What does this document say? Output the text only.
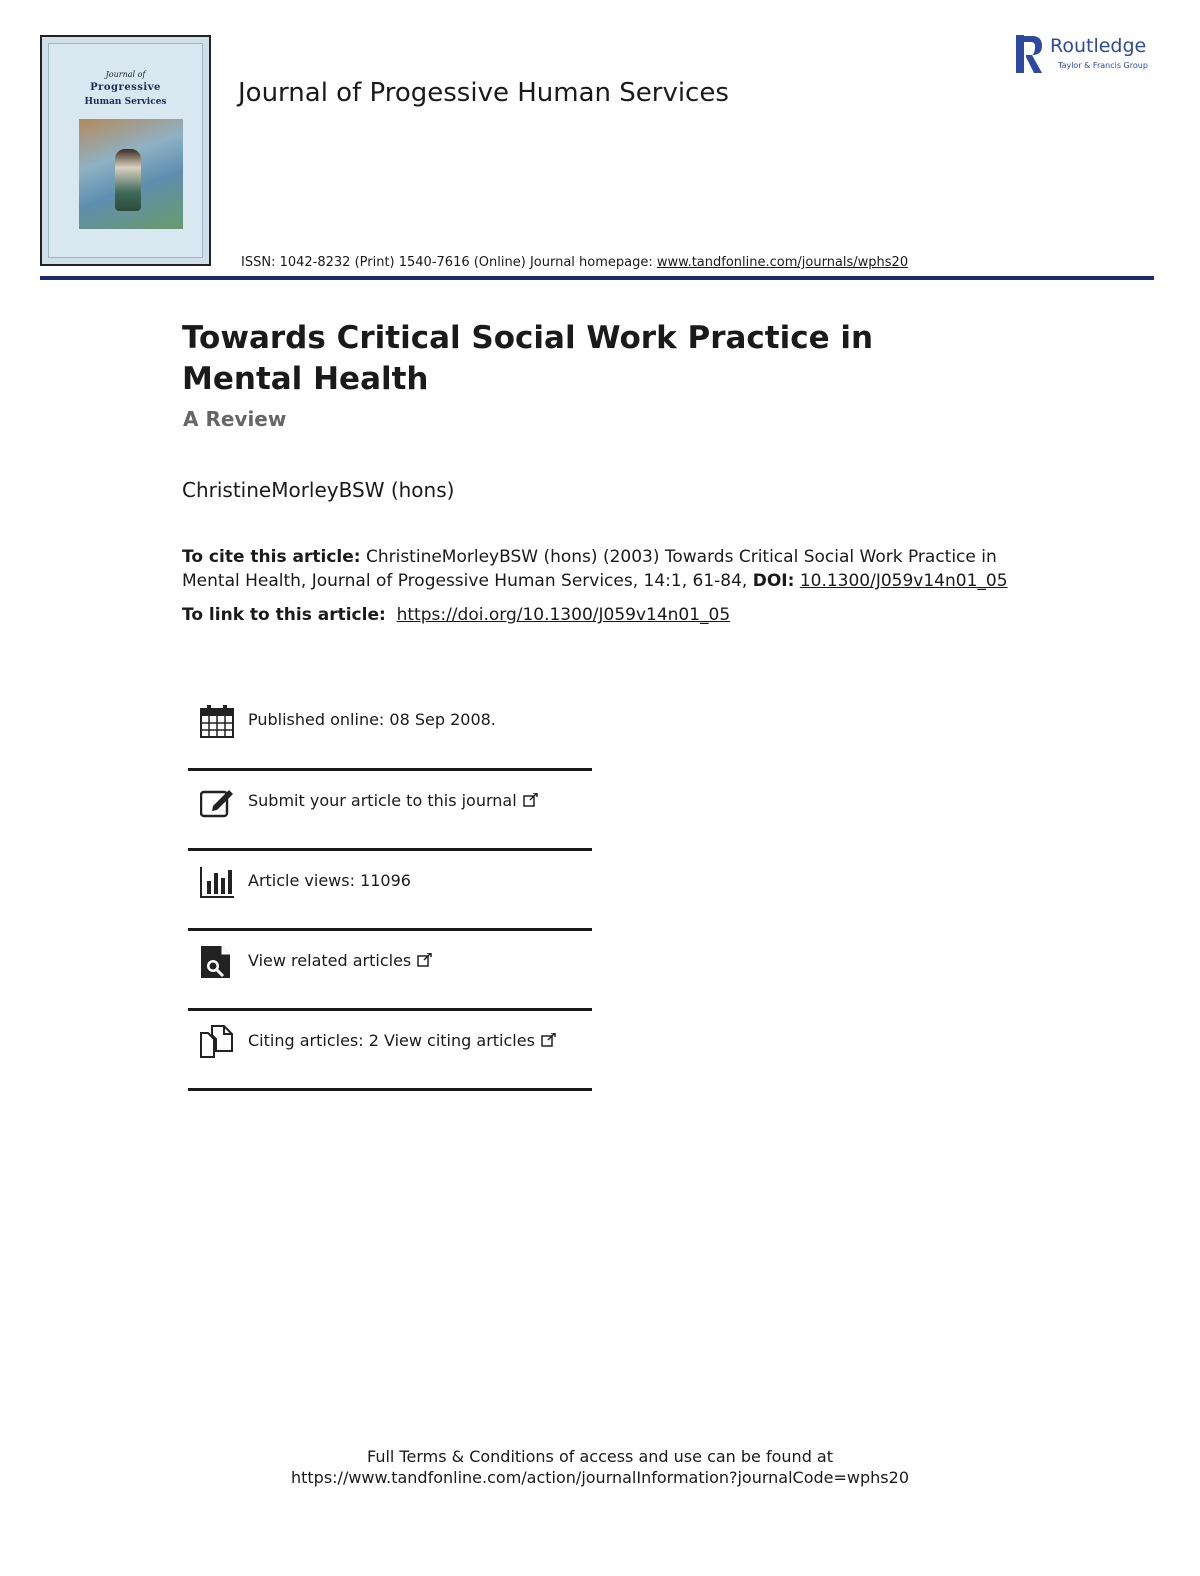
Journal of
Progressive
Human Services	Journal of Progessive Human Services
Routledge
Taylor & Francis Group
ISSN: 1042-8232 (Print) 1540-7616 (Online) Journal homepage: www.tandfonline.com/journals/wphs20
Towards Critical Social Work Practice in Mental Health
A Review
ChristineMorleyBSW (hons)
To cite this article: ChristineMorleyBSW (hons) (2003) Towards Critical Social Work Practice in Mental Health, Journal of Progessive Human Services, 14:1, 61-84, DOI: 10.1300/J059v14n01_05
To link to this article: https://doi.org/10.1300/J059v14n01_05
Published online: 08 Sep 2008.
Submit your article to this journal
Article views: 11096
View related articles
Citing articles: 2 View citing articles
Full Terms & Conditions of access and use can be found at
https://www.tandfonline.com/action/journalInformation?journalCode=wphs20
